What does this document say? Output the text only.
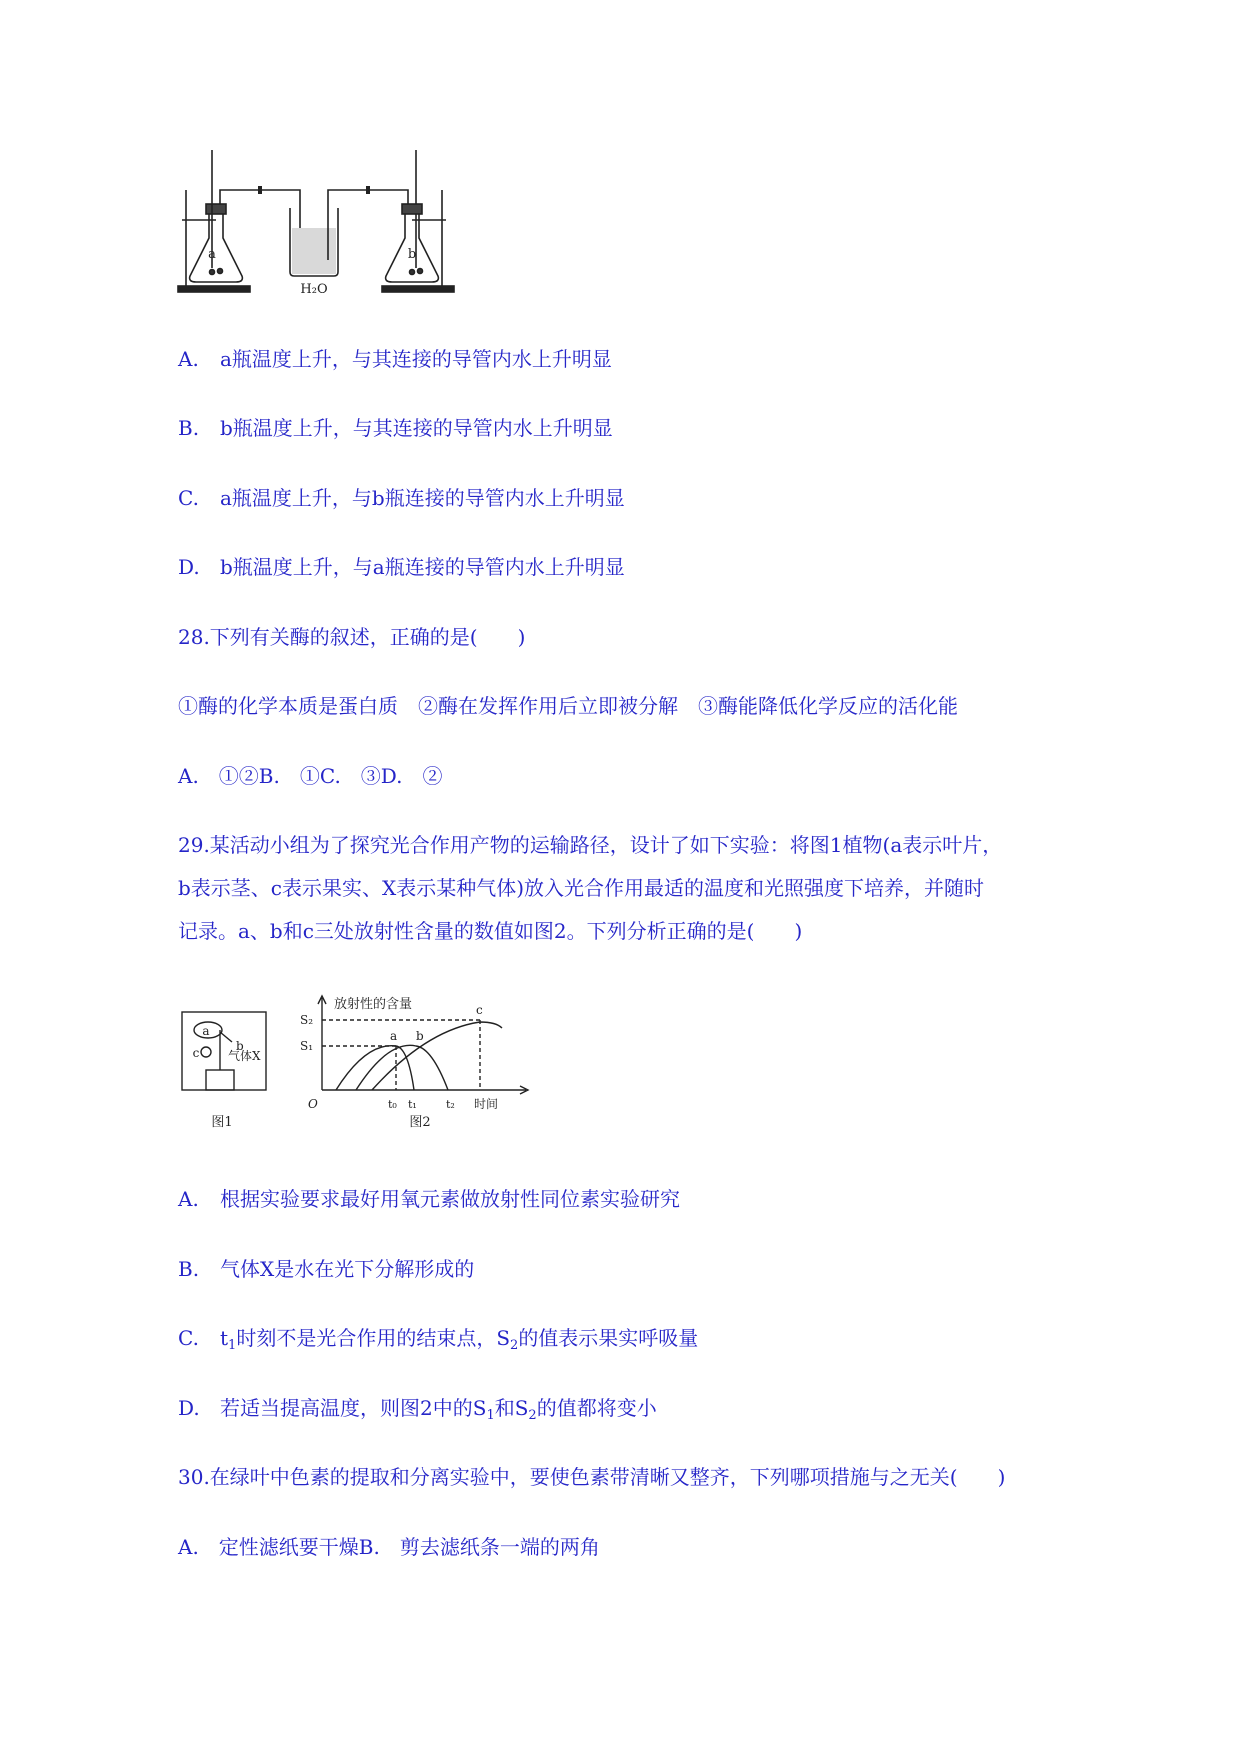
a
H₂O
b
A. a瓶温度上升，与其连接的导管内水上升明显
B. b瓶温度上升，与其连接的导管内水上升明显
C. a瓶温度上升，与b瓶连接的导管内水上升明显
D. b瓶温度上升，与a瓶连接的导管内水上升明显
28.下列有关酶的叙述，正确的是(　　)
①酶的化学本质是蛋白质　②酶在发挥作用后立即被分解　③酶能降低化学反应的活化能
A.　①②B.　①C.　③D.　②
29.某活动小组为了探究光合作用产物的运输路径，设计了如下实验：将图1植物(a表示叶片，
b表示茎、c表示果实、X表示某种气体)放入光合作用最适的温度和光照强度下培养，并随时
记录。a、b和c三处放射性含量的数值如图2。下列分析正确的是(　　)
a
b
c 气体X
图1
放射性的含量
S₂
S₁
O	t₀ t₁	t₂ 时间
a b
c
图2
A. 根据实验要求最好用氧元素做放射性同位素实验研究
B. 气体X是水在光下分解形成的
C. $t_1$时刻不是光合作用的结束点，$S_2$的值表示果实呼吸量
D. 若适当提高温度，则图2中的$S_1$和$S_2$的值都将变小
30.在绿叶中色素的提取和分离实验中，要使色素带清晰又整齐，下列哪项措施与之无关(　　)
A.　定性滤纸要干燥B.　剪去滤纸条一端的两角
